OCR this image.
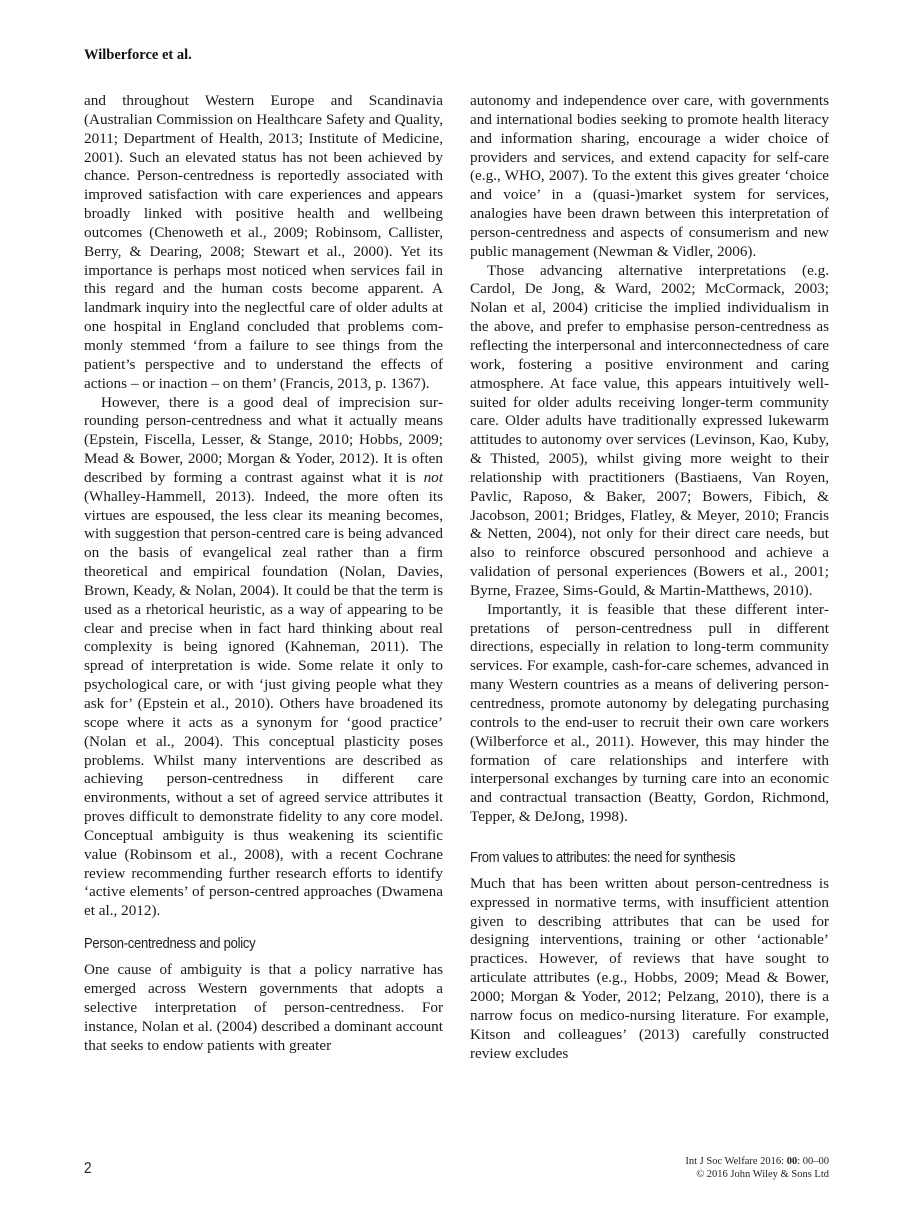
Wilberforce et al.

and throughout Western Europe and Scandinavia (Australian Commission on Healthcare Safety and Quality, 2011; Department of Health, 2013; Institute of Medicine, 2001). Such an elevated status has not been achieved by chance. Person-centredness is reportedly associated with improved satisfaction with care experiences and appears broadly linked with positive health and wellbeing outcomes (Chenoweth et al., 2009; Robinsom, Callister, Berry, & Dearing, 2008; Stewart et al., 2000). Yet its importance is perhaps most noticed when services fail in this regard and the human costs become apparent. A landmark inquiry into the neglectful care of older adults at one hospital in England concluded that problems commonly stemmed ‘from a failure to see things from the patient’s perspective and to understand the effects of actions – or inaction – on them’ (Francis, 2013, p. 1367).

However, there is a good deal of imprecision surrounding person-centredness and what it actually means (Epstein, Fiscella, Lesser, & Stange, 2010; Hobbs, 2009; Mead & Bower, 2000; Morgan & Yoder, 2012). It is often described by forming a contrast against what it is not (Whalley-Hammell, 2013). Indeed, the more often its virtues are espoused, the less clear its meaning becomes, with suggestion that person-centred care is being advanced on the basis of evangelical zeal rather than a firm theoretical and empirical foundation (Nolan, Davies, Brown, Keady, & Nolan, 2004). It could be that the term is used as a rhetorical heuristic, as a way of appearing to be clear and precise when in fact hard thinking about real complexity is being ignored (Kahneman, 2011). The spread of interpretation is wide. Some relate it only to psychological care, or with ‘just giving people what they ask for’ (Epstein et al., 2010). Others have broadened its scope where it acts as a synonym for ‘good practice’ (Nolan et al., 2004). This conceptual plasticity poses problems. Whilst many interventions are described as achieving person-centredness in different care environments, without a set of agreed service attributes it proves difficult to demonstrate fidelity to any core model. Conceptual ambiguity is thus weakening its scientific value (Robinsom et al., 2008), with a recent Cochrane review recommending further research efforts to identify ‘active elements’ of person-centred approaches (Dwamena et al., 2012).

Person-centredness and policy

One cause of ambiguity is that a policy narrative has emerged across Western governments that adopts a selective interpretation of person-centredness. For instance, Nolan et al. (2004) described a dominant account that seeks to endow patients with greater

autonomy and independence over care, with governments and international bodies seeking to promote health literacy and information sharing, encourage a wider choice of providers and services, and extend capacity for self-care (e.g., WHO, 2007). To the extent this gives greater ‘choice and voice’ in a (quasi-)market system for services, analogies have been drawn between this interpretation of person-centredness and aspects of consumerism and new public management (Newman & Vidler, 2006).

Those advancing alternative interpretations (e.g. Cardol, De Jong, & Ward, 2002; McCormack, 2003; Nolan et al, 2004) criticise the implied individualism in the above, and prefer to emphasise person-centredness as reflecting the interpersonal and interconnectedness of care work, fostering a positive environment and caring atmosphere. At face value, this appears intuitively well-suited for older adults receiving longer-term community care. Older adults have traditionally expressed lukewarm attitudes to autonomy over services (Levinson, Kao, Kuby, & Thisted, 2005), whilst giving more weight to their relationship with practitioners (Bastiaens, Van Royen, Pavlic, Raposo, & Baker, 2007; Bowers, Fibich, & Jacobson, 2001; Bridges, Flatley, & Meyer, 2010; Francis & Netten, 2004), not only for their direct care needs, but also to reinforce obscured personhood and achieve a validation of personal experiences (Bowers et al., 2001; Byrne, Frazee, Sims-Gould, & Martin-Matthews, 2010).

Importantly, it is feasible that these different interpretations of person-centredness pull in different directions, especially in relation to long-term community services. For example, cash-for-care schemes, advanced in many Western countries as a means of delivering person-centredness, promote autonomy by delegating purchasing controls to the end-user to recruit their own care workers (Wilberforce et al., 2011). However, this may hinder the formation of care relationships and interfere with interpersonal exchanges by turning care into an economic and contractual transaction (Beatty, Gordon, Richmond, Tepper, & DeJong, 1998).

From values to attributes: the need for synthesis

Much that has been written about person-centredness is expressed in normative terms, with insufficient attention given to describing attributes that can be used for designing interventions, training or other ‘actionable’ practices. However, of reviews that have sought to articulate attributes (e.g., Hobbs, 2009; Mead & Bower, 2000; Morgan & Yoder, 2012; Pelzang, 2010), there is a narrow focus on medico-nursing literature. For example, Kitson and colleagues’ (2013) carefully constructed review excludes

2	Int J Soc Welfare 2016: 00: 00–00
© 2016 John Wiley & Sons Ltd
